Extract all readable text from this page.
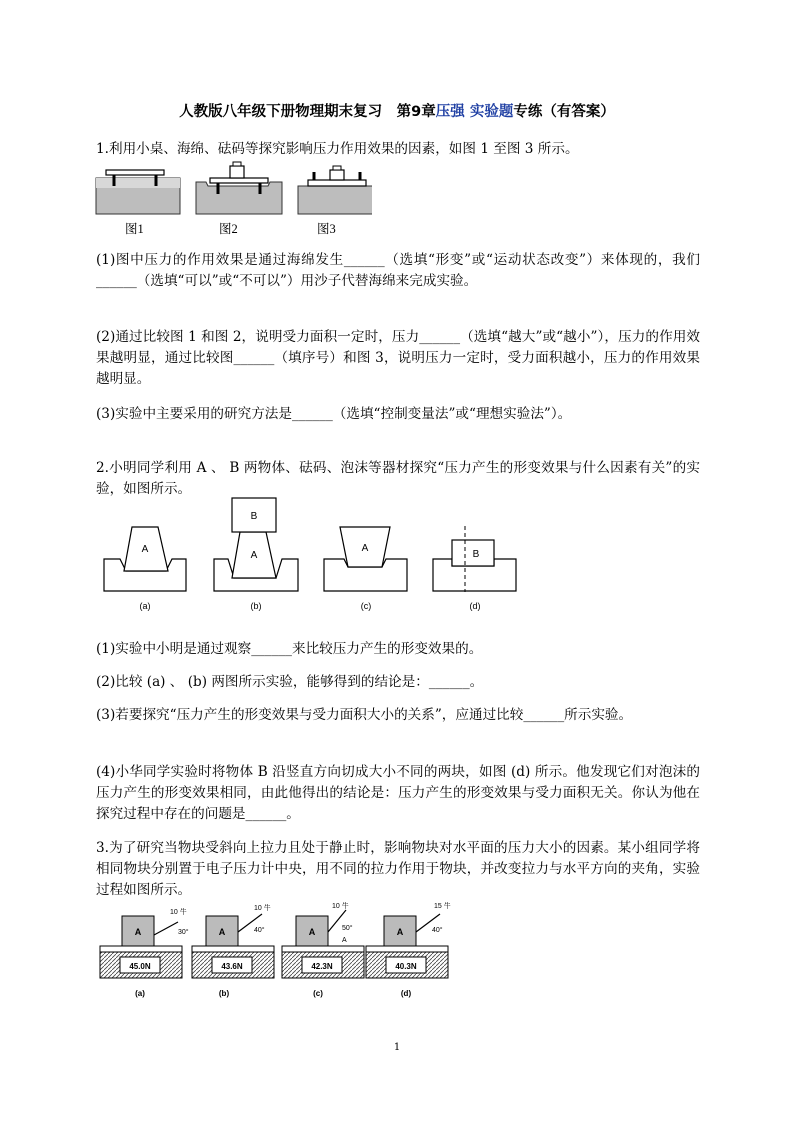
人教版八年级下册物理期末复习　第9章压强 实验题专练（有答案）

1.利用小桌、海绵、砝码等探究影响压力作用效果的因素，如图 1 至图 3 所示。

图1	图2	图3

(1)图中压力的作用效果是通过海绵发生______（选填“形变”或“运动状态改变”）来体现的，我们______（选填“可以”或“不可以”）用沙子代替海绵来完成实验。

(2)通过比较图 1 和图 2，说明受力面积一定时，压力______（选填“越大”或“越小”），压力的作用效果越明显，通过比较图______（填序号）和图 3，说明压力一定时，受力面积越小，压力的作用效果越明显。

(3)实验中主要采用的研究方法是______（选填“控制变量法”或“理想实验法”）。

2.小明同学利用 A 、 B 两物体、砝码、泡沫等器材探究“压力产生的形变效果与什么因素有关”的实验，如图所示。

A
B
A
A
B
(a)	(b)	(c)	(d)

(1)实验中小明是通过观察______来比较压力产生的形变效果的。

(2)比较 (a) 、 (b) 两图所示实验，能够得到的结论是：______。

(3)若要探究“压力产生的形变效果与受力面积大小的关系”，应通过比较______所示实验。

(4)小华同学实验时将物体 B 沿竖直方向切成大小不同的两块，如图 (d) 所示。他发现它们对泡沫的压力产生的形变效果相同，由此他得出的结论是：压力产生的形变效果与受力面积无关。你认为他在探究过程中存在的问题是______。

3.为了研究当物块受斜向上拉力且处于静止时，影响物块对水平面的压力大小的因素。某小组同学将相同物块分别置于电子压力计中央，用不同的拉力作用于物块，并改变拉力与水平方向的夹角，实验过程如图所示。

A
10 牛
30°
45.0N
(a)
A
10 牛
40°
43.6N
(b)
A
10 牛
50°
A
42.3N
(c)
A
15 牛
40°
40.3N
(d)
1
